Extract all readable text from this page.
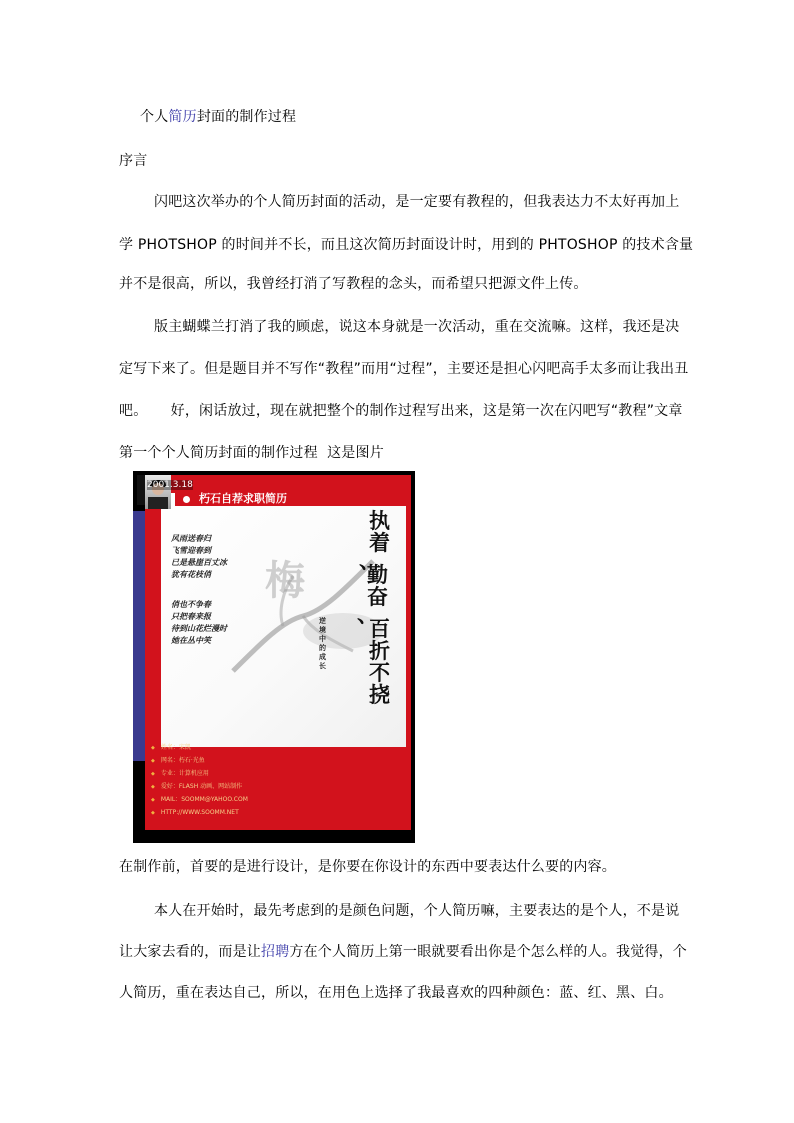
个人简历封面的制作过程
序言
闪吧这次举办的个人简历封面的活动，是一定要有教程的，但我表达力不太好再加上
学 PHOTSHOP 的时间并不长，而且这次简历封面设计时，用到的 PHTOSHOP 的技术含量
并不是很高，所以，我曾经打消了写教程的念头，而希望只把源文件上传。
版主蝴蝶兰打消了我的顾虑，说这本身就是一次活动，重在交流嘛。这样，我还是决
定写下来了。但是题目并不写作“教程”而用“过程”，主要还是担心闪吧高手太多而让我出丑
吧。     好，闲话放过，现在就把整个的制作过程写出来，这是第一次在闪吧写“教程”文章
第一个个人简历封面的制作过程  这是图片
2001.3.18
朽石自荐求职简历
风雨送春归
飞雪迎春到
已是悬崖百丈冰
犹有花枝俏
俏也不争春
只把春来报
待到山花烂漫时
她在丛中笑
梅
执
着
、
勤
奋
、
百
折
不
挠
逆境中的成长
◆ 姓名：宋凯
◆ 网名：朽石·光鱼
◆ 专业：计算机应用
◆ 爱好：FLASH 动画、网站制作
◆ MAIL：SOOMM@YAHOO.COM
◆ HTTP://WWW.SOOMM.NET
在制作前，首要的是进行设计，是你要在你设计的东西中要表达什么要的内容。
本人在开始时，最先考虑到的是颜色问题，个人简历嘛，主要表达的是个人，不是说
让大家去看的，而是让招聘方在个人简历上第一眼就要看出你是个怎么样的人。我觉得，个
人简历，重在表达自己，所以，在用色上选择了我最喜欢的四种颜色：蓝、红、黑、白。
